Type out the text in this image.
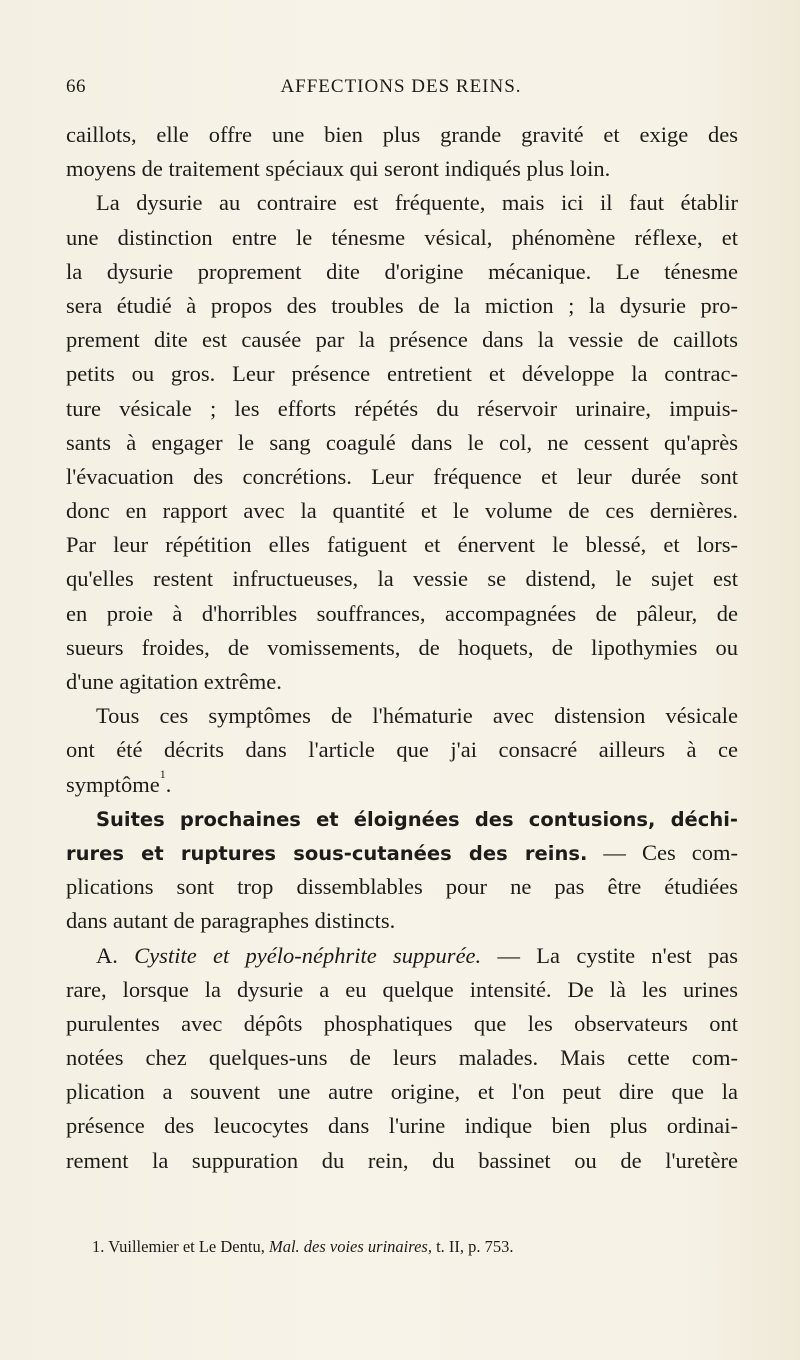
66	AFFECTIONS DES REINS.
caillots, elle offre une bien plus grande gravité et exige des
moyens de traitement spéciaux qui seront indiqués plus loin.
La dysurie au contraire est fréquente, mais ici il faut établir
une distinction entre le ténesme vésical, phénomène réflexe, et
la dysurie proprement dite d'origine mécanique. Le ténesme
sera étudié à propos des troubles de la miction ; la dysurie pro-
prement dite est causée par la présence dans la vessie de caillots
petits ou gros. Leur présence entretient et développe la contrac-
ture vésicale ; les efforts répétés du réservoir urinaire, impuis-
sants à engager le sang coagulé dans le col, ne cessent qu'après
l'évacuation des concrétions. Leur fréquence et leur durée sont
donc en rapport avec la quantité et le volume de ces dernières.
Par leur répétition elles fatiguent et énervent le blessé, et lors-
qu'elles restent infructueuses, la vessie se distend, le sujet est
en proie à d'horribles souffrances, accompagnées de pâleur, de
sueurs froides, de vomissements, de hoquets, de lipothymies ou
d'une agitation extrême.
Tous ces symptômes de l'hématurie avec distension vésicale
ont été décrits dans l'article que j'ai consacré ailleurs à ce
symptôme$^1$.
Suites prochaines et éloignées des contusions, déchi-
rures et ruptures sous-cutanées des reins. — Ces com-
plications sont trop dissemblables pour ne pas être étudiées
dans autant de paragraphes distincts.
A. Cystite et pyélo-néphrite suppurée. — La cystite n'est pas
rare, lorsque la dysurie a eu quelque intensité. De là les urines
purulentes avec dépôts phosphatiques que les observateurs ont
notées chez quelques-uns de leurs malades. Mais cette com-
plication a souvent une autre origine, et l'on peut dire que la
présence des leucocytes dans l'urine indique bien plus ordinai-
rement la suppuration du rein, du bassinet ou de l'uretère
1. Vuillemier et Le Dentu, Mal. des voies urinaires, t. II, p. 753.
